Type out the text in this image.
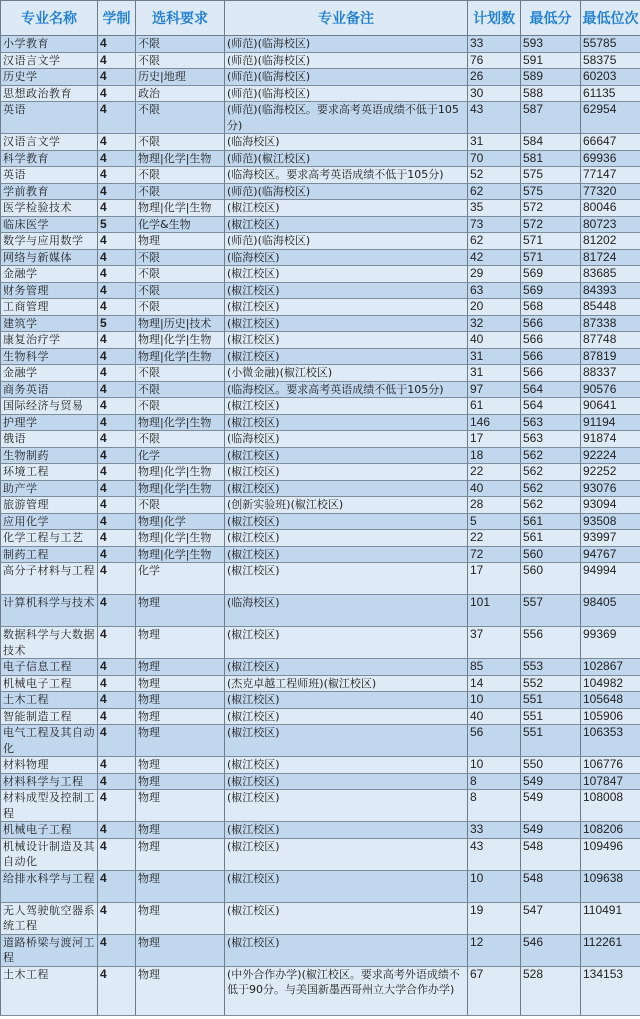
专业名称	学制	选科要求	专业备注	计划数	最低分	最低位次
小学教育	4	不限	(师范)(临海校区)	33	593	55785
汉语言文学	4	不限	(师范)(临海校区)	76	591	58375
历史学	4	历史|地理	(师范)(临海校区)	26	589	60203
思想政治教育	4	政治	(师范)(临海校区)	30	588	61135
英语	4	不限	(师范)(临海校区。要求高考英语成绩不低于105分)	43	587	62954
汉语言文学	4	不限	(临海校区)	31	584	66647
科学教育	4	物理|化学|生物	(师范)(椒江校区)	70	581	69936
英语	4	不限	(临海校区。要求高考英语成绩不低于105分)	52	575	77147
学前教育	4	不限	(师范)(临海校区)	62	575	77320
医学检验技术	4	物理|化学|生物	(椒江校区)	35	572	80046
临床医学	5	化学&生物	(椒江校区)	73	572	80723
数学与应用数学	4	物理	(师范)(临海校区)	62	571	81202
网络与新媒体	4	不限	(临海校区)	42	571	81724
金融学	4	不限	(椒江校区)	29	569	83685
财务管理	4	不限	(椒江校区)	63	569	84393
工商管理	4	不限	(椒江校区)	20	568	85448
建筑学	5	物理|历史|技术	(椒江校区)	32	566	87338
康复治疗学	4	物理|化学|生物	(椒江校区)	40	566	87748
生物科学	4	物理|化学|生物	(椒江校区)	31	566	87819
金融学	4	不限	(小微金融)(椒江校区)	31	566	88337
商务英语	4	不限	(临海校区。要求高考英语成绩不低于105分)	97	564	90576
国际经济与贸易	4	不限	(椒江校区)	61	564	90641
护理学	4	物理|化学|生物	(椒江校区)	146	563	91194
俄语	4	不限	(临海校区)	17	563	91874
生物制药	4	化学	(椒江校区)	18	562	92224
环境工程	4	物理|化学|生物	(椒江校区)	22	562	92252
助产学	4	物理|化学|生物	(椒江校区)	40	562	93076
旅游管理	4	不限	(创新实验班)(椒江校区)	28	562	93094
应用化学	4	物理|化学	(椒江校区)	5	561	93508
化学工程与工艺	4	物理|化学|生物	(椒江校区)	22	561	93997
制药工程	4	物理|化学|生物	(椒江校区)	72	560	94767
高分子材料与工程	4	化学	(椒江校区)	17	560	94994
计算机科学与技术	4	物理	(临海校区)	101	557	98405
数据科学与大数据技术	4	物理	(椒江校区)	37	556	99369
电子信息工程	4	物理	(椒江校区)	85	553	102867
机械电子工程	4	物理	(杰克卓越工程师班)(椒江校区)	14	552	104982
土木工程	4	物理	(椒江校区)	10	551	105648
智能制造工程	4	物理	(椒江校区)	40	551	105906
电气工程及其自动化	4	物理	(椒江校区)	56	551	106353
材料物理	4	物理	(椒江校区)	10	550	106776
材料科学与工程	4	物理	(椒江校区)	8	549	107847
材料成型及控制工程	4	物理	(椒江校区)	8	549	108008
机械电子工程	4	物理	(椒江校区)	33	549	108206
机械设计制造及其自动化	4	物理	(椒江校区)	43	548	109496
给排水科学与工程	4	物理	(椒江校区)	10	548	109638
无人驾驶航空器系统工程	4	物理	(椒江校区)	19	547	110491
道路桥梁与渡河工程	4	物理	(椒江校区)	12	546	112261
土木工程	4	物理	(中外合作办学)(椒江校区。要求高考外语成绩不低于90分。与美国新墨西哥州立大学合作办学)	67	528	134153
